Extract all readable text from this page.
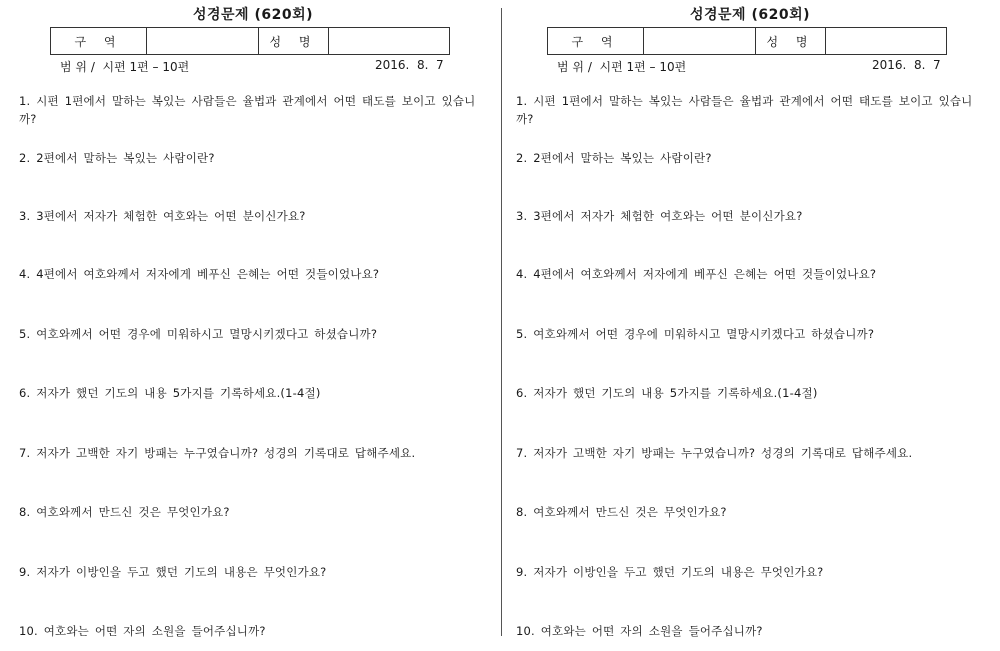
성경문제 (620회)
구 역		성 명	
범 위 /  시편 1편 – 10편	2016.  8.  7
1. 시편 1편에서 말하는 복있는 사람들은 율법과 관계에서 어떤 태도를 보이고 있습니까?
2. 2편에서 말하는 복있는 사람이란?
3. 3편에서 저자가 체험한 여호와는 어떤 분이신가요?
4. 4편에서 여호와께서 저자에게 베푸신 은혜는 어떤 것들이었나요?
5. 여호와께서 어떤 경우에 미워하시고 멸망시키겠다고 하셨습니까?
6. 저자가 했던 기도의 내용 5가지를 기록하세요.(1-4절)
7. 저자가 고백한 자기 방패는 누구였습니까? 성경의 기록대로 답해주세요.
8. 여호와께서 만드신 것은 무엇인가요?
9. 저자가 이방인을 두고 했던 기도의 내용은 무엇인가요?
10. 여호와는 어떤 자의 소원을 들어주십니까?
성경문제 (620회)
구 역		성 명	
범 위 /  시편 1편 – 10편	2016.  8.  7
1. 시편 1편에서 말하는 복있는 사람들은 율법과 관계에서 어떤 태도를 보이고 있습니까?
2. 2편에서 말하는 복있는 사람이란?
3. 3편에서 저자가 체험한 여호와는 어떤 분이신가요?
4. 4편에서 여호와께서 저자에게 베푸신 은혜는 어떤 것들이었나요?
5. 여호와께서 어떤 경우에 미워하시고 멸망시키겠다고 하셨습니까?
6. 저자가 했던 기도의 내용 5가지를 기록하세요.(1-4절)
7. 저자가 고백한 자기 방패는 누구였습니까? 성경의 기록대로 답해주세요.
8. 여호와께서 만드신 것은 무엇인가요?
9. 저자가 이방인을 두고 했던 기도의 내용은 무엇인가요?
10. 여호와는 어떤 자의 소원을 들어주십니까?
